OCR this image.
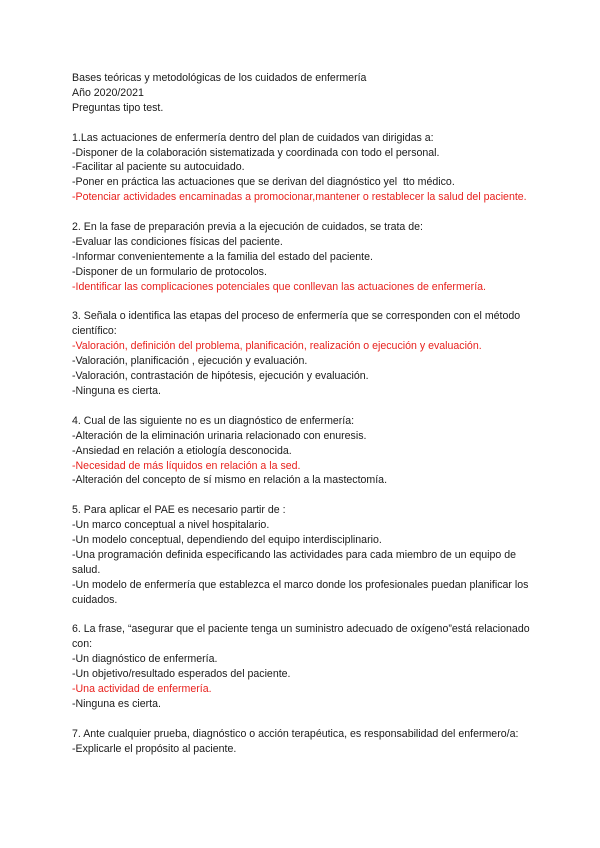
Bases teóricas y metodológicas de los cuidados de enfermería
Año 2020/2021
Preguntas tipo test.
1.Las actuaciones de enfermería dentro del plan de cuidados van dirigidas a:
-Disponer de la colaboración sistematizada y coordinada con todo el personal.
-Facilitar al paciente su autocuidado.
-Poner en práctica las actuaciones que se derivan del diagnóstico yel  tto médico.
-Potenciar actividades encaminadas a promocionar,mantener o restablecer la salud del paciente.
2. En la fase de preparación previa a la ejecución de cuidados, se trata de:
-Evaluar las condiciones físicas del paciente.
-Informar convenientemente a la familia del estado del paciente.
-Disponer de un formulario de protocolos.
-Identificar las complicaciones potenciales que conllevan las actuaciones de enfermería.
3. Señala o identifica las etapas del proceso de enfermería que se corresponden con el método científico:
-Valoración, definición del problema, planificación, realización o ejecución y evaluación.
-Valoración, planificación , ejecución y evaluación.
-Valoración, contrastación de hipótesis, ejecución y evaluación.
-Ninguna es cierta.
4. Cual de las siguiente no es un diagnóstico de enfermería:
-Alteración de la eliminación urinaria relacionado con enuresis.
-Ansiedad en relación a etiología desconocida.
-Necesidad de más líquidos en relación a la sed.
-Alteración del concepto de sí mismo en relación a la mastectomía.
5. Para aplicar el PAE es necesario partir de :
-Un marco conceptual a nivel hospitalario.
-Un modelo conceptual, dependiendo del equipo interdisciplinario.
-Una programación definida especificando las actividades para cada miembro de un equipo de salud.
-Un modelo de enfermería que establezca el marco donde los profesionales puedan planificar los cuidados.
6. La frase, “asegurar que el paciente tenga un suministro adecuado de oxígeno”está relacionado con:
-Un diagnóstico de enfermería.
-Un objetivo/resultado esperados del paciente.
-Una actividad de enfermería.
-Ninguna es cierta.
7. Ante cualquier prueba, diagnóstico o acción terapéutica, es responsabilidad del enfermero/a:
-Explicarle el propósito al paciente.
